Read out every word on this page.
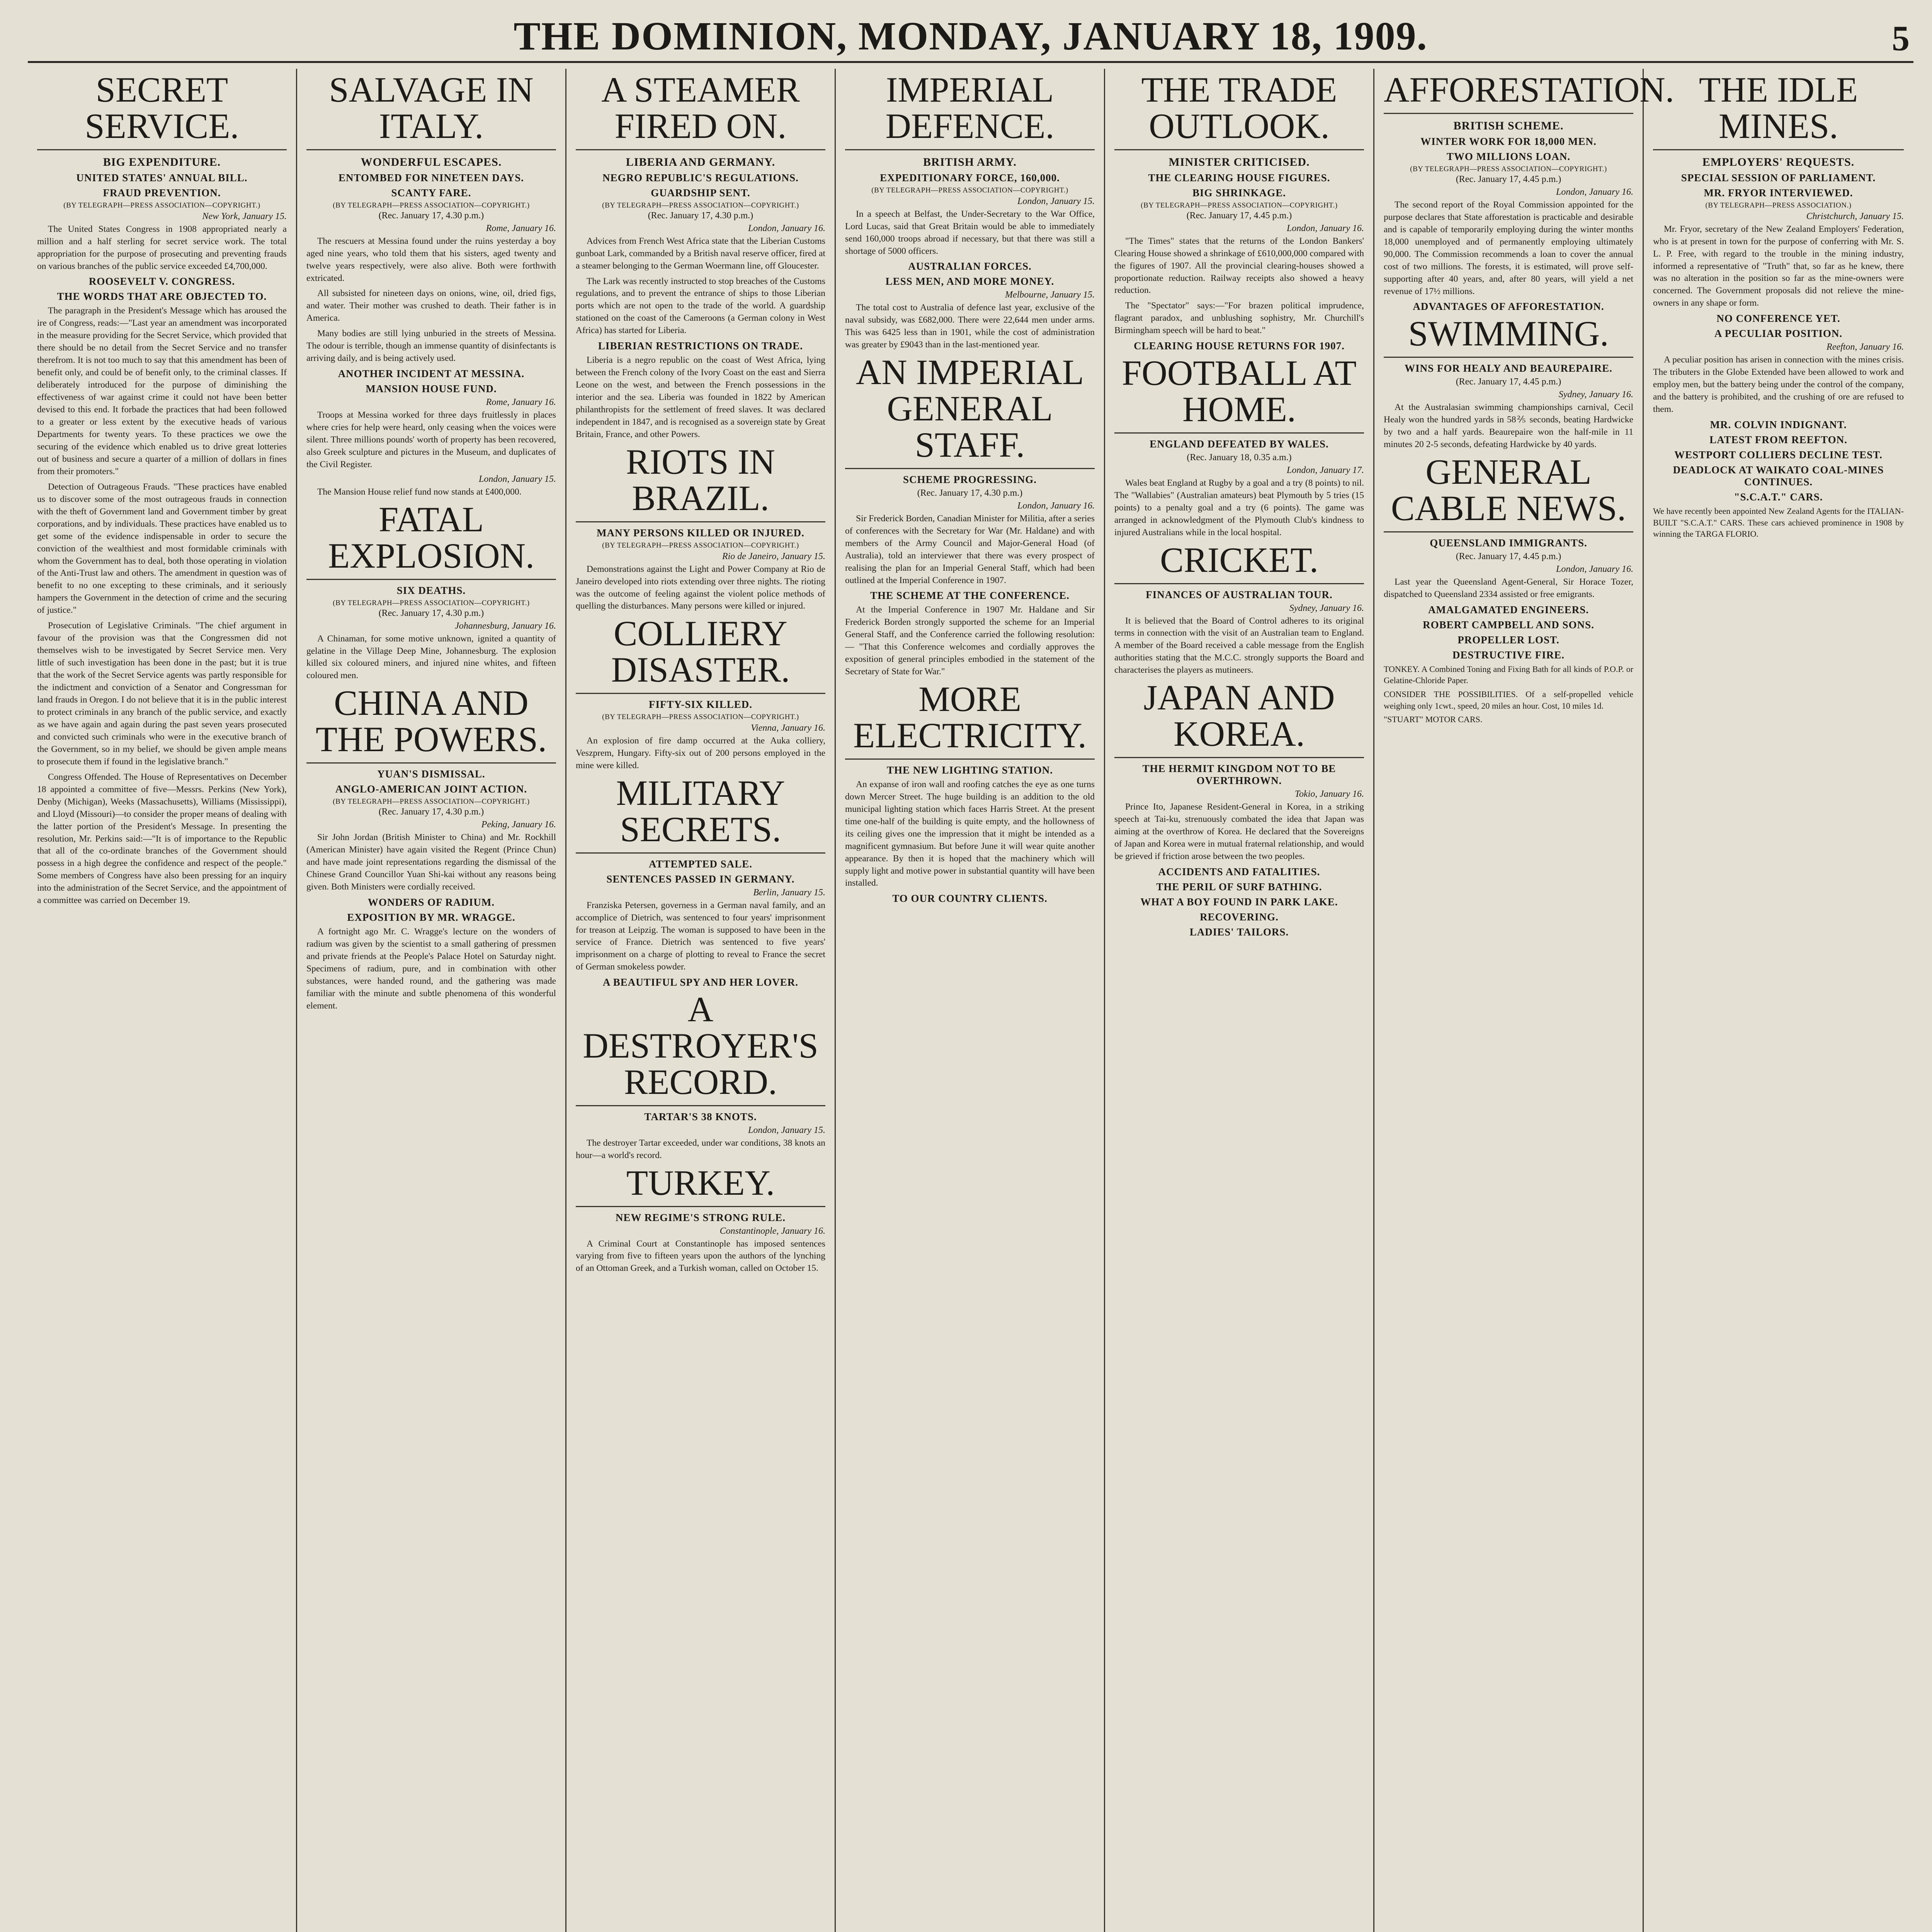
THE DOMINION, MONDAY, JANUARY 18, 1909.	5
SECRET SERVICE.
BIG EXPENDITURE.
UNITED STATES' ANNUAL BILL.
FRAUD PREVENTION.
(BY TELEGRAPH—PRESS ASSOCIATION—COPYRIGHT.)
New York, January 15.

The United States Congress in 1908 appropriated nearly a million and a half sterling for secret service work. The total appropriation for the purpose of prosecuting and preventing frauds on various branches of the public service exceeded £4,700,000.

ROOSEVELT V. CONGRESS.
THE WORDS THAT ARE OBJECTED TO.

The paragraph in the President's Message which has aroused the ire of Congress, reads:—"Last year an amendment was incorporated in the measure providing for the Secret Service, which provided that there should be no detail from the Secret Service and no transfer therefrom. It is not too much to say that this amendment has been of benefit only, and could be of benefit only, to the criminal classes. If deliberately introduced for the purpose of diminishing the effectiveness of war against crime it could not have been better devised to this end. It forbade the practices that had been followed to a greater or less extent by the executive heads of various Departments for twenty years. To these practices we owe the securing of the evidence which enabled us to drive great lotteries out of business and secure a quarter of a million of dollars in fines from their promoters."

Detection of Outrageous Frauds. "These practices have enabled us to discover some of the most outrageous frauds in connection with the theft of Government land and Government timber by great corporations, and by individuals. These practices have enabled us to get some of the evidence indispensable in order to secure the conviction of the wealthiest and most formidable criminals with whom the Government has to deal, both those operating in violation of the Anti-Trust law and others. The amendment in question was of benefit to no one excepting to these criminals, and it seriously hampers the Government in the detection of crime and the securing of justice."

Prosecution of Legislative Criminals. "The chief argument in favour of the provision was that the Congressmen did not themselves wish to be investigated by Secret Service men. Very little of such investigation has been done in the past; but it is true that the work of the Secret Service agents was partly responsible for the indictment and conviction of a Senator and Congressman for land frauds in Oregon. I do not believe that it is in the public interest to protect criminals in any branch of the public service, and exactly as we have again and again during the past seven years prosecuted and convicted such criminals who were in the executive branch of the Government, so in my belief, we should be given ample means to prosecute them if found in the legislative branch."

Congress Offended. The House of Representatives on December 18 appointed a committee of five—Messrs. Perkins (New York), Denby (Michigan), Weeks (Massachusetts), Williams (Mississippi), and Lloyd (Missouri)—to consider the proper means of dealing with the latter portion of the President's Message. In presenting the resolution, Mr. Perkins said:—"It is of importance to the Republic that all of the co-ordinate branches of the Government should possess in a high degree the confidence and respect of the people." Some members of Congress have also been pressing for an inquiry into the administration of the Secret Service, and the appointment of a committee was carried on December 19.

SALVAGE IN ITALY.
WONDERFUL ESCAPES.
ENTOMBED FOR NINETEEN DAYS.
SCANTY FARE.
(BY TELEGRAPH—PRESS ASSOCIATION—COPYRIGHT.)
(Rec. January 17, 4.30 p.m.)
Rome, January 16.

The rescuers at Messina found under the ruins yesterday a boy aged nine years, who told them that his sisters, aged twenty and twelve years respectively, were also alive. Both were forthwith extricated.

All subsisted for nineteen days on onions, wine, oil, dried figs, and water. Their mother was crushed to death. Their father is in America.

Many bodies are still lying unburied in the streets of Messina. The odour is terrible, though an immense quantity of disinfectants is arriving daily, and is being actively used.

ANOTHER INCIDENT AT MESSINA.
MANSION HOUSE FUND.
Rome, January 16.

Troops at Messina worked for three days fruitlessly in places where cries for help were heard, only ceasing when the voices were silent. Three millions pounds' worth of property has been recovered, also Greek sculpture and pictures in the Museum, and duplicates of the Civil Register.

London, January 15.

The Mansion House relief fund now stands at £400,000.

FATAL EXPLOSION.
SIX DEATHS.
(BY TELEGRAPH—PRESS ASSOCIATION—COPYRIGHT.)
(Rec. January 17, 4.30 p.m.)
Johannesburg, January 16.

A Chinaman, for some motive unknown, ignited a quantity of gelatine in the Village Deep Mine, Johannesburg. The explosion killed six coloured miners, and injured nine whites, and fifteen coloured men.

CHINA AND THE POWERS.
YUAN'S DISMISSAL.
ANGLO-AMERICAN JOINT ACTION.
(BY TELEGRAPH—PRESS ASSOCIATION—COPYRIGHT.)
(Rec. January 17, 4.30 p.m.)
Peking, January 16.

Sir John Jordan (British Minister to China) and Mr. Rockhill (American Minister) have again visited the Regent (Prince Chun) and have made joint representations regarding the dismissal of the Chinese Grand Councillor Yuan Shi-kai without any reasons being given. Both Ministers were cordially received.

WONDERS OF RADIUM.
EXPOSITION BY MR. WRAGGE.

A fortnight ago Mr. C. Wragge's lecture on the wonders of radium was given by the scientist to a small gathering of pressmen and private friends at the People's Palace Hotel on Saturday night. Specimens of radium, pure, and in combination with other substances, were handed round, and the gathering was made familiar with the minute and subtle phenomena of this wonderful element.

A STEAMER FIRED ON.
LIBERIA AND GERMANY.
NEGRO REPUBLIC'S REGULATIONS.
GUARDSHIP SENT.
(BY TELEGRAPH—PRESS ASSOCIATION—COPYRIGHT.)
(Rec. January 17, 4.30 p.m.)
London, January 16.

Advices from French West Africa state that the Liberian Customs gunboat Lark, commanded by a British naval reserve officer, fired at a steamer belonging to the German Woermann line, off Gloucester.

The Lark was recently instructed to stop breaches of the Customs regulations, and to prevent the entrance of ships to those Liberian ports which are not open to the trade of the world. A guardship stationed on the coast of the Cameroons (a German colony in West Africa) has started for Liberia.

LIBERIAN RESTRICTIONS ON TRADE.

Liberia is a negro republic on the coast of West Africa, lying between the French colony of the Ivory Coast on the east and Sierra Leone on the west, and between the French possessions in the interior and the sea. Liberia was founded in 1822 by American philanthropists for the settlement of freed slaves. It was declared independent in 1847, and is recognised as a sovereign state by Great Britain, France, and other Powers.

RIOTS IN BRAZIL.
MANY PERSONS KILLED OR INJURED.
(BY TELEGRAPH—PRESS ASSOCIATION—COPYRIGHT.)
Rio de Janeiro, January 15.

Demonstrations against the Light and Power Company at Rio de Janeiro developed into riots extending over three nights. The rioting was the outcome of feeling against the violent police methods of quelling the disturbances. Many persons were killed or injured.

COLLIERY DISASTER.
FIFTY-SIX KILLED.
(BY TELEGRAPH—PRESS ASSOCIATION—COPYRIGHT.)
Vienna, January 16.

An explosion of fire damp occurred at the Auka colliery, Veszprem, Hungary. Fifty-six out of 200 persons employed in the mine were killed.

MILITARY SECRETS.
ATTEMPTED SALE.
SENTENCES PASSED IN GERMANY.
Berlin, January 15.

Franziska Petersen, governess in a German naval family, and an accomplice of Dietrich, was sentenced to four years' imprisonment for treason at Leipzig. The woman is supposed to have been in the service of France. Dietrich was sentenced to five years' imprisonment on a charge of plotting to reveal to France the secret of German smokeless powder.

A BEAUTIFUL SPY AND HER LOVER.
A DESTROYER'S RECORD.
TARTAR'S 38 KNOTS.
London, January 15.

The destroyer Tartar exceeded, under war conditions, 38 knots an hour—a world's record.

TURKEY.
NEW REGIME'S STRONG RULE.
Constantinople, January 16.

A Criminal Court at Constantinople has imposed sentences varying from five to fifteen years upon the authors of the lynching of an Ottoman Greek, and a Turkish woman, called on October 15.

IMPERIAL DEFENCE.
BRITISH ARMY.
EXPEDITIONARY FORCE, 160,000.
(BY TELEGRAPH—PRESS ASSOCIATION—COPYRIGHT.)
London, January 15.

In a speech at Belfast, the Under-Secretary to the War Office, Lord Lucas, said that Great Britain would be able to immediately send 160,000 troops abroad if necessary, but that there was still a shortage of 5000 officers.

AUSTRALIAN FORCES.
LESS MEN, AND MORE MONEY.
Melbourne, January 15.

The total cost to Australia of defence last year, exclusive of the naval subsidy, was £682,000. There were 22,644 men under arms. This was 6425 less than in 1901, while the cost of administration was greater by £9043 than in the last-mentioned year.

AN IMPERIAL GENERAL STAFF.
SCHEME PROGRESSING.
(Rec. January 17, 4.30 p.m.)
London, January 16.

Sir Frederick Borden, Canadian Minister for Militia, after a series of conferences with the Secretary for War (Mr. Haldane) and with members of the Army Council and Major-General Hoad (of Australia), told an interviewer that there was every prospect of realising the plan for an Imperial General Staff, which had been outlined at the Imperial Conference in 1907.

THE SCHEME AT THE CONFERENCE.

At the Imperial Conference in 1907 Mr. Haldane and Sir Frederick Borden strongly supported the scheme for an Imperial General Staff, and the Conference carried the following resolution:— "That this Conference welcomes and cordially approves the exposition of general principles embodied in the statement of the Secretary of State for War."

MORE ELECTRICITY.
THE NEW LIGHTING STATION.

An expanse of iron wall and roofing catches the eye as one turns down Mercer Street. The huge building is an addition to the old municipal lighting station which faces Harris Street. At the present time one-half of the building is quite empty, and the hollowness of its ceiling gives one the impression that it might be intended as a magnificent gymnasium. But before June it will wear quite another appearance. By then it is hoped that the machinery which will supply light and motive power in substantial quantity will have been installed.

TO OUR COUNTRY CLIENTS.
THE TRADE OUTLOOK.
MINISTER CRITICISED.
THE CLEARING HOUSE FIGURES.
BIG SHRINKAGE.
(BY TELEGRAPH—PRESS ASSOCIATION—COPYRIGHT.)
(Rec. January 17, 4.45 p.m.)
London, January 16.

"The Times" states that the returns of the London Bankers' Clearing House showed a shrinkage of £610,000,000 compared with the figures of 1907. All the provincial clearing-houses showed a proportionate reduction. Railway receipts also showed a heavy reduction.

The "Spectator" says:—"For brazen political imprudence, flagrant paradox, and unblushing sophistry, Mr. Churchill's Birmingham speech will be hard to beat."

CLEARING HOUSE RETURNS FOR 1907.
FOOTBALL AT HOME.
ENGLAND DEFEATED BY WALES.
(Rec. January 18, 0.35 a.m.)
London, January 17.

Wales beat England at Rugby by a goal and a try (8 points) to nil. The "Wallabies" (Australian amateurs) beat Plymouth by 5 tries (15 points) to a penalty goal and a try (6 points). The game was arranged in acknowledgment of the Plymouth Club's kindness to injured Australians while in the local hospital.

CRICKET.
FINANCES OF AUSTRALIAN TOUR.
Sydney, January 16.

It is believed that the Board of Control adheres to its original terms in connection with the visit of an Australian team to England. A member of the Board received a cable message from the English authorities stating that the M.C.C. strongly supports the Board and characterises the players as mutineers.

JAPAN AND KOREA.
THE HERMIT KINGDOM NOT TO BE OVERTHROWN.
Tokio, January 16.

Prince Ito, Japanese Resident-General in Korea, in a striking speech at Tai-ku, strenuously combated the idea that Japan was aiming at the overthrow of Korea. He declared that the Sovereigns of Japan and Korea were in mutual fraternal relationship, and would be grieved if friction arose between the two peoples.

ACCIDENTS AND FATALITIES.
THE PERIL OF SURF BATHING.
WHAT A BOY FOUND IN PARK LAKE.
RECOVERING.
LADIES' TAILORS.
AFFORESTATION.
BRITISH SCHEME.
WINTER WORK FOR 18,000 MEN.
TWO MILLIONS LOAN.
(BY TELEGRAPH—PRESS ASSOCIATION—COPYRIGHT.)
(Rec. January 17, 4.45 p.m.)
London, January 16.

The second report of the Royal Commission appointed for the purpose declares that State afforestation is practicable and desirable and is capable of temporarily employing during the winter months 18,000 unemployed and of permanently employing ultimately 90,000. The Commission recommends a loan to cover the annual cost of two millions. The forests, it is estimated, will prove self-supporting after 40 years, and, after 80 years, will yield a net revenue of 17½ millions.

ADVANTAGES OF AFFORESTATION.
SWIMMING.
WINS FOR HEALY AND BEAUREPAIRE.
(Rec. January 17, 4.45 p.m.)
Sydney, January 16.

At the Australasian swimming championships carnival, Cecil Healy won the hundred yards in 58⅖ seconds, beating Hardwicke by two and a half yards. Beaurepaire won the half-mile in 11 minutes 20 2-5 seconds, defeating Hardwicke by 40 yards.

GENERAL CABLE NEWS.
QUEENSLAND IMMIGRANTS.
(Rec. January 17, 4.45 p.m.)
London, January 16.

Last year the Queensland Agent-General, Sir Horace Tozer, dispatched to Queensland 2334 assisted or free emigrants.

AMALGAMATED ENGINEERS.
ROBERT CAMPBELL AND SONS.
PROPELLER LOST.
DESTRUCTIVE FIRE.
TONKEY. A Combined Toning and Fixing Bath for all kinds of P.O.P. or Gelatine-Chloride Paper.
CONSIDER THE POSSIBILITIES. Of a self-propelled vehicle weighing only 1cwt., speed, 20 miles an hour. Cost, 10 miles 1d.
"STUART" MOTOR CARS.
THE IDLE MINES.
EMPLOYERS' REQUESTS.
SPECIAL SESSION OF PARLIAMENT.
MR. FRYOR INTERVIEWED.
(BY TELEGRAPH—PRESS ASSOCIATION.)
Christchurch, January 15.

Mr. Fryor, secretary of the New Zealand Employers' Federation, who is at present in town for the purpose of conferring with Mr. S. L. P. Free, with regard to the trouble in the mining industry, informed a representative of "Truth" that, so far as he knew, there was no alteration in the position so far as the mine-owners were concerned. The Government proposals did not relieve the mine-owners in any shape or form.

NO CONFERENCE YET.
A PECULIAR POSITION.
Reefton, January 16.

A peculiar position has arisen in connection with the mines crisis. The tributers in the Globe Extended have been allowed to work and employ men, but the battery being under the control of the company, and the battery is prohibited, and the crushing of ore are refused to them.

MR. COLVIN INDIGNANT.
LATEST FROM REEFTON.
WESTPORT COLLIERS DECLINE TEST.
DEADLOCK AT WAIKATO COAL-MINES CONTINUES.
"S.C.A.T." CARS.
We have recently been appointed New Zealand Agents for the ITALIAN-BUILT "S.C.A.T." CARS. These cars achieved prominence in 1908 by winning the TARGA FLORIO.
